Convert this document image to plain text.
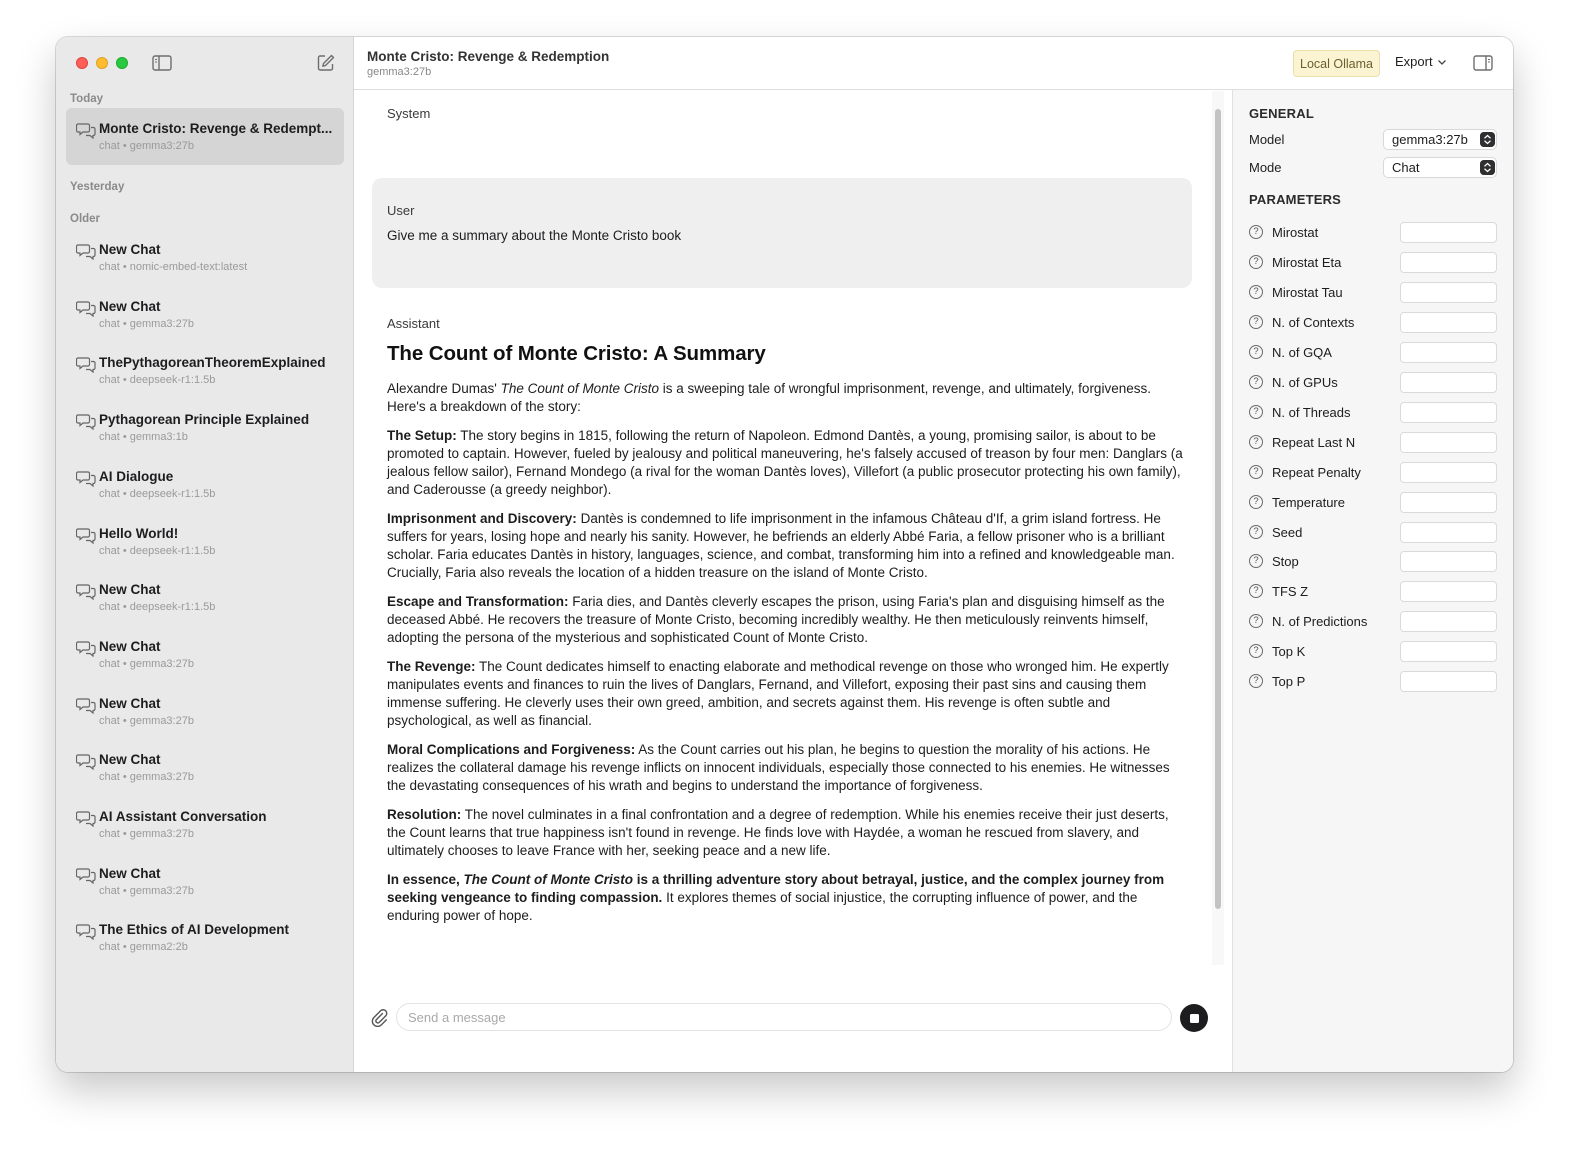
Today
Yesterday
Older
Monte Cristo: Revenge & Redempt...
chat • gemma3:27b
New Chat
chat • nomic-embed-text:latest
New Chat
chat • gemma3:27b
ThePythagoreanTheoremExplained
chat • deepseek-r1:1.5b
Pythagorean Principle Explained
chat • gemma3:1b
AI Dialogue
chat • deepseek-r1:1.5b
Hello World!
chat • deepseek-r1:1.5b
New Chat
chat • deepseek-r1:1.5b
New Chat
chat • gemma3:27b
New Chat
chat • gemma3:27b
New Chat
chat • gemma3:27b
AI Assistant Conversation
chat • gemma3:27b
New Chat
chat • gemma3:27b
The Ethics of AI Development
chat • gemma2:2b
Monte Cristo: Revenge & Redemption
gemma3:27b
Local Ollama	Export
System
User
Give me a summary about the Monte Cristo book
Assistant
The Count of Monte Cristo: A Summary

Alexandre Dumas' The Count of Monte Cristo is a sweeping tale of wrongful imprisonment, revenge, and ultimately, forgiveness. Here's a breakdown of the story:

The Setup: The story begins in 1815, following the return of Napoleon. Edmond Dantès, a young, promising sailor, is about to be promoted to captain. However, fueled by jealousy and political maneuvering, he's falsely accused of treason by four men: Danglars (a jealous fellow sailor), Fernand Mondego (a rival for the woman Dantès loves), Villefort (a public prosecutor protecting his own family), and Caderousse (a greedy neighbor).

Imprisonment and Discovery: Dantès is condemned to life imprisonment in the infamous Château d'If, a grim island fortress. He suffers for years, losing hope and nearly his sanity. However, he befriends an elderly Abbé Faria, a fellow prisoner who is a brilliant scholar. Faria educates Dantès in history, languages, science, and combat, transforming him into a refined and knowledgeable man. Crucially, Faria also reveals the location of a hidden treasure on the island of Monte Cristo.

Escape and Transformation: Faria dies, and Dantès cleverly escapes the prison, using Faria's plan and disguising himself as the deceased Abbé. He recovers the treasure of Monte Cristo, becoming incredibly wealthy. He then meticulously reinvents himself, adopting the persona of the mysterious and sophisticated Count of Monte Cristo.

The Revenge: The Count dedicates himself to enacting elaborate and methodical revenge on those who wronged him. He expertly manipulates events and finances to ruin the lives of Danglars, Fernand, and Villefort, exposing their past sins and causing them immense suffering. He cleverly uses their own greed, ambition, and secrets against them. His revenge is often subtle and psychological, as well as financial.

Moral Complications and Forgiveness: As the Count carries out his plan, he begins to question the morality of his actions. He realizes the collateral damage his revenge inflicts on innocent individuals, especially those connected to his enemies. He witnesses the devastating consequences of his wrath and begins to understand the importance of forgiveness.

Resolution: The novel culminates in a final confrontation and a degree of redemption. While his enemies receive their just deserts, the Count learns that true happiness isn't found in revenge. He finds love with Haydée, a woman he rescued from slavery, and ultimately chooses to leave France with her, seeking peace and a new life.

In essence, The Count of Monte Cristo is a thrilling adventure story about betrayal, justice, and the complex journey from seeking vengeance to finding compassion. It explores themes of social injustice, the corrupting influence of power, and the enduring power of hope.

Send a message
GENERAL
Model	gemma3:27b
Mode	Chat
PARAMETERS
?	Mirostat
?	Mirostat Eta
?	Mirostat Tau
?	N. of Contexts
?	N. of GQA
?	N. of GPUs
?	N. of Threads
?	Repeat Last N
?	Repeat Penalty
?	Temperature
?	Seed
?	Stop
?	TFS Z
?	N. of Predictions
?	Top K
?	Top P
